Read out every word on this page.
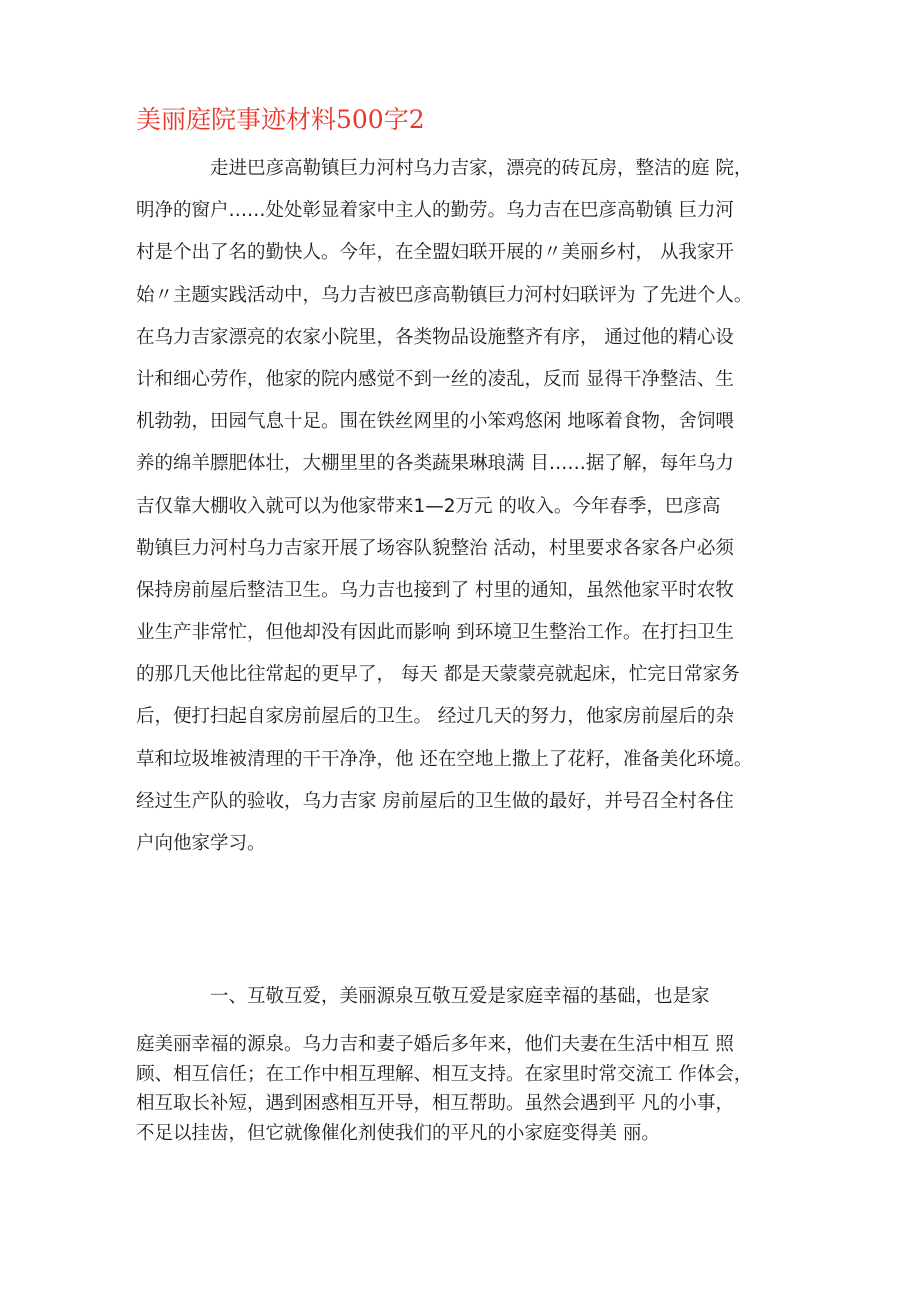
美丽庭院事迹材料500字2
走进巴彦高勒镇巨力河村乌力吉家，漂亮的砖瓦房，整洁的庭 院，
明净的窗户……处处彰显着家中主人的勤劳。乌力吉在巴彦高勒镇 巨力河
村是个出了名的勤快人。今年，在全盟妇联开展的〃美丽乡村， 从我家开
始〃主题实践活动中，乌力吉被巴彦高勒镇巨力河村妇联评为 了先进个人。
在乌力吉家漂亮的农家小院里，各类物品设施整齐有序， 通过他的精心设
计和细心劳作，他家的院内感觉不到一丝的凌乱，反而 显得干净整洁、生
机勃勃，田园气息十足。围在铁丝网里的小笨鸡悠闲 地啄着食物，舍饲喂
养的绵羊膘肥体壮，大棚里里的各类蔬果琳琅满 目……据了解，每年乌力
吉仅靠大棚收入就可以为他家带来1—2万元 的收入。今年春季，巴彦高
勒镇巨力河村乌力吉家开展了场容队貌整治 活动，村里要求各家各户必须
保持房前屋后整洁卫生。乌力吉也接到了 村里的通知，虽然他家平时农牧
业生产非常忙，但他却没有因此而影响 到环境卫生整治工作。在打扫卫生
的那几天他比往常起的更早了， 每天 都是天蒙蒙亮就起床，忙完日常家务
后，便打扫起自家房前屋后的卫生。 经过几天的努力，他家房前屋后的杂
草和垃圾堆被清理的干干净净，他 还在空地上撒上了花籽，准备美化环境。
经过生产队的验收，乌力吉家 房前屋后的卫生做的最好，并号召全村各住
户向他家学习。
一、互敬互爱，美丽源泉互敬互爱是家庭幸福的基础，也是家
庭美丽幸福的源泉。乌力吉和妻子婚后多年来，他们夫妻在生活中相互 照
顾、相互信任；在工作中相互理解、相互支持。在家里时常交流工 作体会，
相互取长补短，遇到困惑相互开导，相互帮助。虽然会遇到平 凡的小事，
不足以挂齿，但它就像催化剂使我们的平凡的小家庭变得美 丽。
